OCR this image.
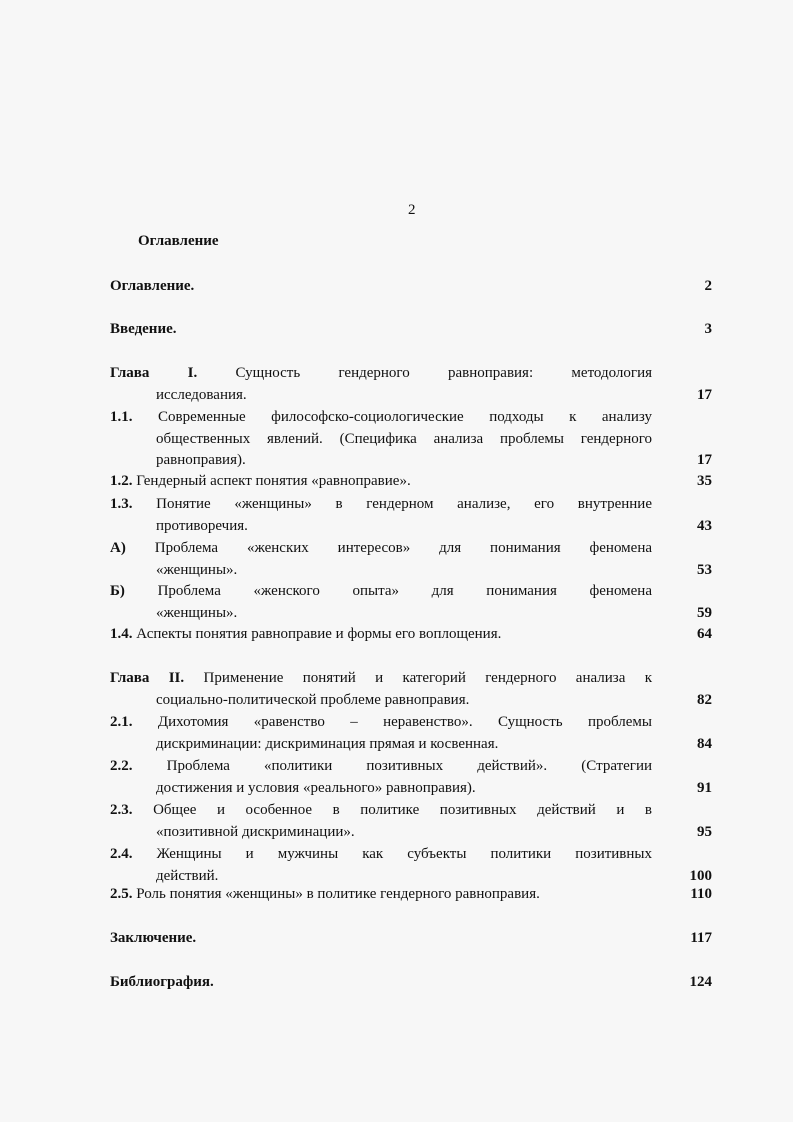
2
Оглавление
Оглавление.	2
Введение.	3
Глава I.	Сущность гендерного равноправия: методология
исследования.	17
1.1. Современные философско-социологические подходы к анализу
общественных явлений. (Специфика анализа проблемы гендерного равноправия).	17
1.2. Гендерный аспект понятия «равноправие».	35
1.3. Понятие «женщины» в гендерном анализе, его внутренние
противоречия.	43
А) Проблема «женских интересов» для понимания феномена
«женщины».	53
Б) Проблема «женского опыта» для понимания феномена
«женщины».	59
1.4. Аспекты понятия равноправие и формы его воплощения.	64
Глава II. Применение понятий и категорий гендерного анализа к
социально-политической проблеме равноправия.	82
2.1. Дихотомия «равенство – неравенство». Сущность проблемы
дискриминации: дискриминация прямая и косвенная.	84
2.2. Проблема «политики позитивных действий». (Стратегии
достижения и условия «реального» равноправия).	91
2.3. Общее и особенное в политике позитивных действий и в
«позитивной дискриминации».	95
2.4. Женщины и мужчины как субъекты политики позитивных
действий.	100
2.5. Роль понятия «женщины» в политике гендерного равноправия.	110
Заключение.	117
Библиография.	124
